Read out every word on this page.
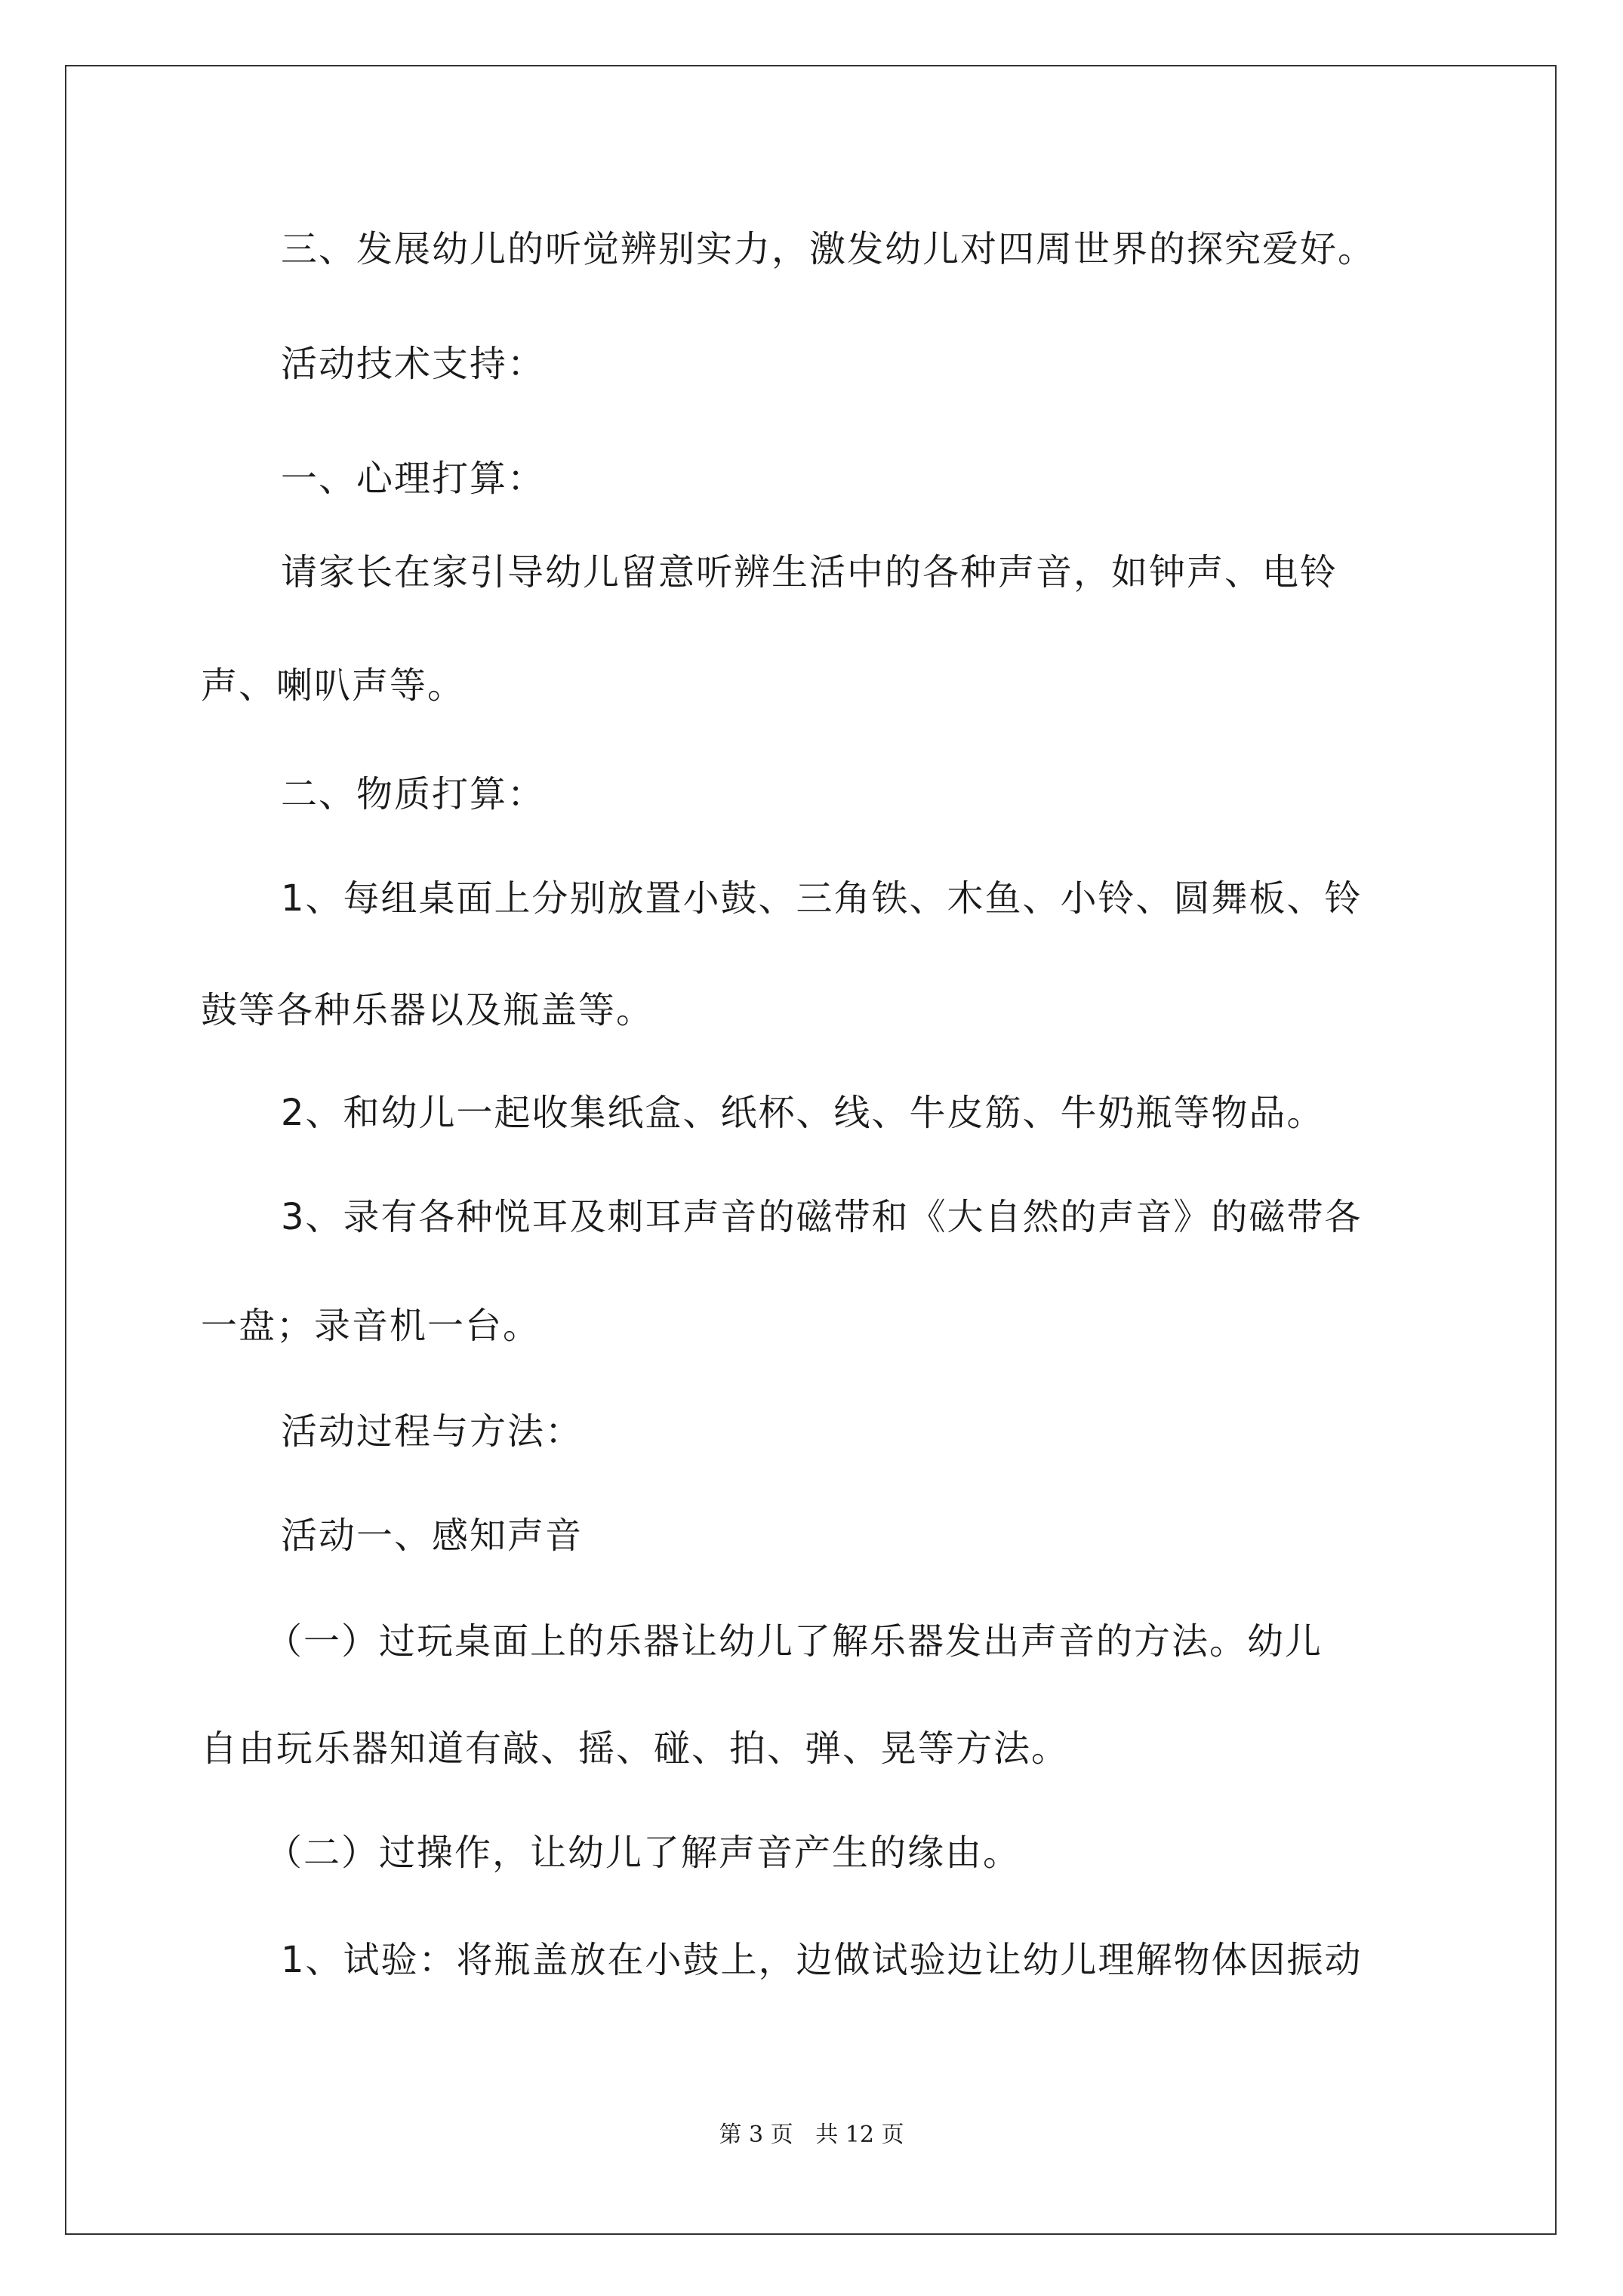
三、发展幼儿的听觉辨别实力，激发幼儿对四周世界的探究爱好。
活动技术支持：
一、心理打算：
请家长在家引导幼儿留意听辨生活中的各种声音，如钟声、电铃
声、喇叭声等。
二、物质打算：
1、每组桌面上分别放置小鼓、三角铁、木鱼、小铃、圆舞板、铃
鼓等各种乐器以及瓶盖等。
2、和幼儿一起收集纸盒、纸杯、线、牛皮筋、牛奶瓶等物品。
3、录有各种悦耳及刺耳声音的磁带和《大自然的声音》的磁带各
一盘；录音机一台。
活动过程与方法：
活动一、感知声音
（一）过玩桌面上的乐器让幼儿了解乐器发出声音的方法。幼儿
自由玩乐器知道有敲、摇、碰、拍、弹、晃等方法。
（二）过操作，让幼儿了解声音产生的缘由。
1、试验：将瓶盖放在小鼓上，边做试验边让幼儿理解物体因振动
第 3 页 共 12 页
